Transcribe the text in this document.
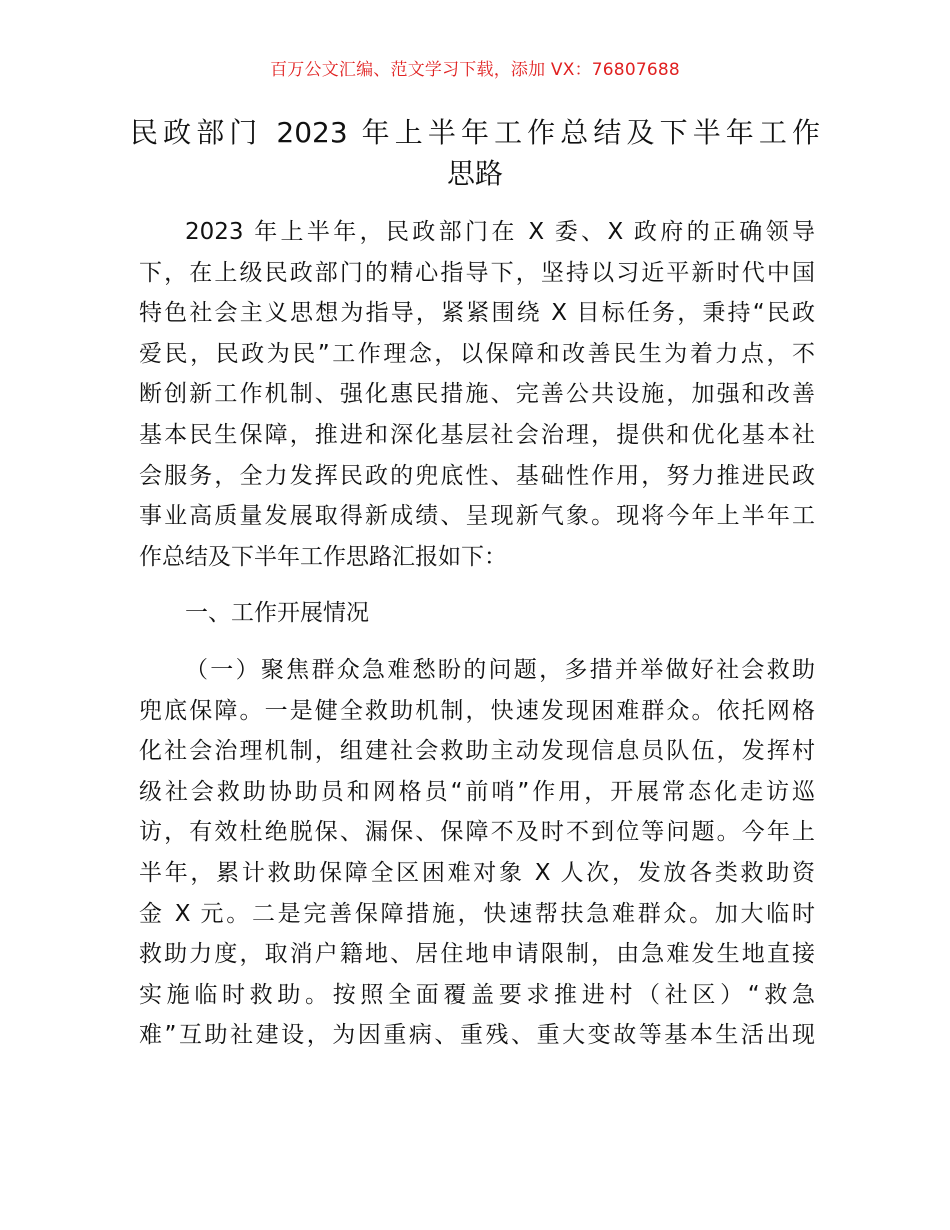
百万公文汇编、范文学习下载，添加 VX：76807688
民政部门 2023 年上半年工作总结及下半年工作
思路
2023 年上半年，民政部门在 X 委、X 政府的正确领导
下，在上级民政部门的精心指导下，坚持以习近平新时代中国
特色社会主义思想为指导，紧紧围绕 X 目标任务，秉持“民政
爱民，民政为民”工作理念，以保障和改善民生为着力点，不
断创新工作机制、强化惠民措施、完善公共设施，加强和改善
基本民生保障，推进和深化基层社会治理，提供和优化基本社
会服务，全力发挥民政的兜底性、基础性作用，努力推进民政
事业高质量发展取得新成绩、呈现新气象。现将今年上半年工
作总结及下半年工作思路汇报如下：
一、工作开展情况
（一）聚焦群众急难愁盼的问题，多措并举做好社会救助
兜底保障。一是健全救助机制，快速发现困难群众。依托网格
化社会治理机制，组建社会救助主动发现信息员队伍，发挥村
级社会救助协助员和网格员“前哨”作用，开展常态化走访巡
访，有效杜绝脱保、漏保、保障不及时不到位等问题。今年上
半年，累计救助保障全区困难对象 X 人次，发放各类救助资
金 X 元。二是完善保障措施，快速帮扶急难群众。加大临时
救助力度，取消户籍地、居住地申请限制，由急难发生地直接
实施临时救助。按照全面覆盖要求推进村（社区）“救急
难”互助社建设，为因重病、重残、重大变故等基本生活出现
